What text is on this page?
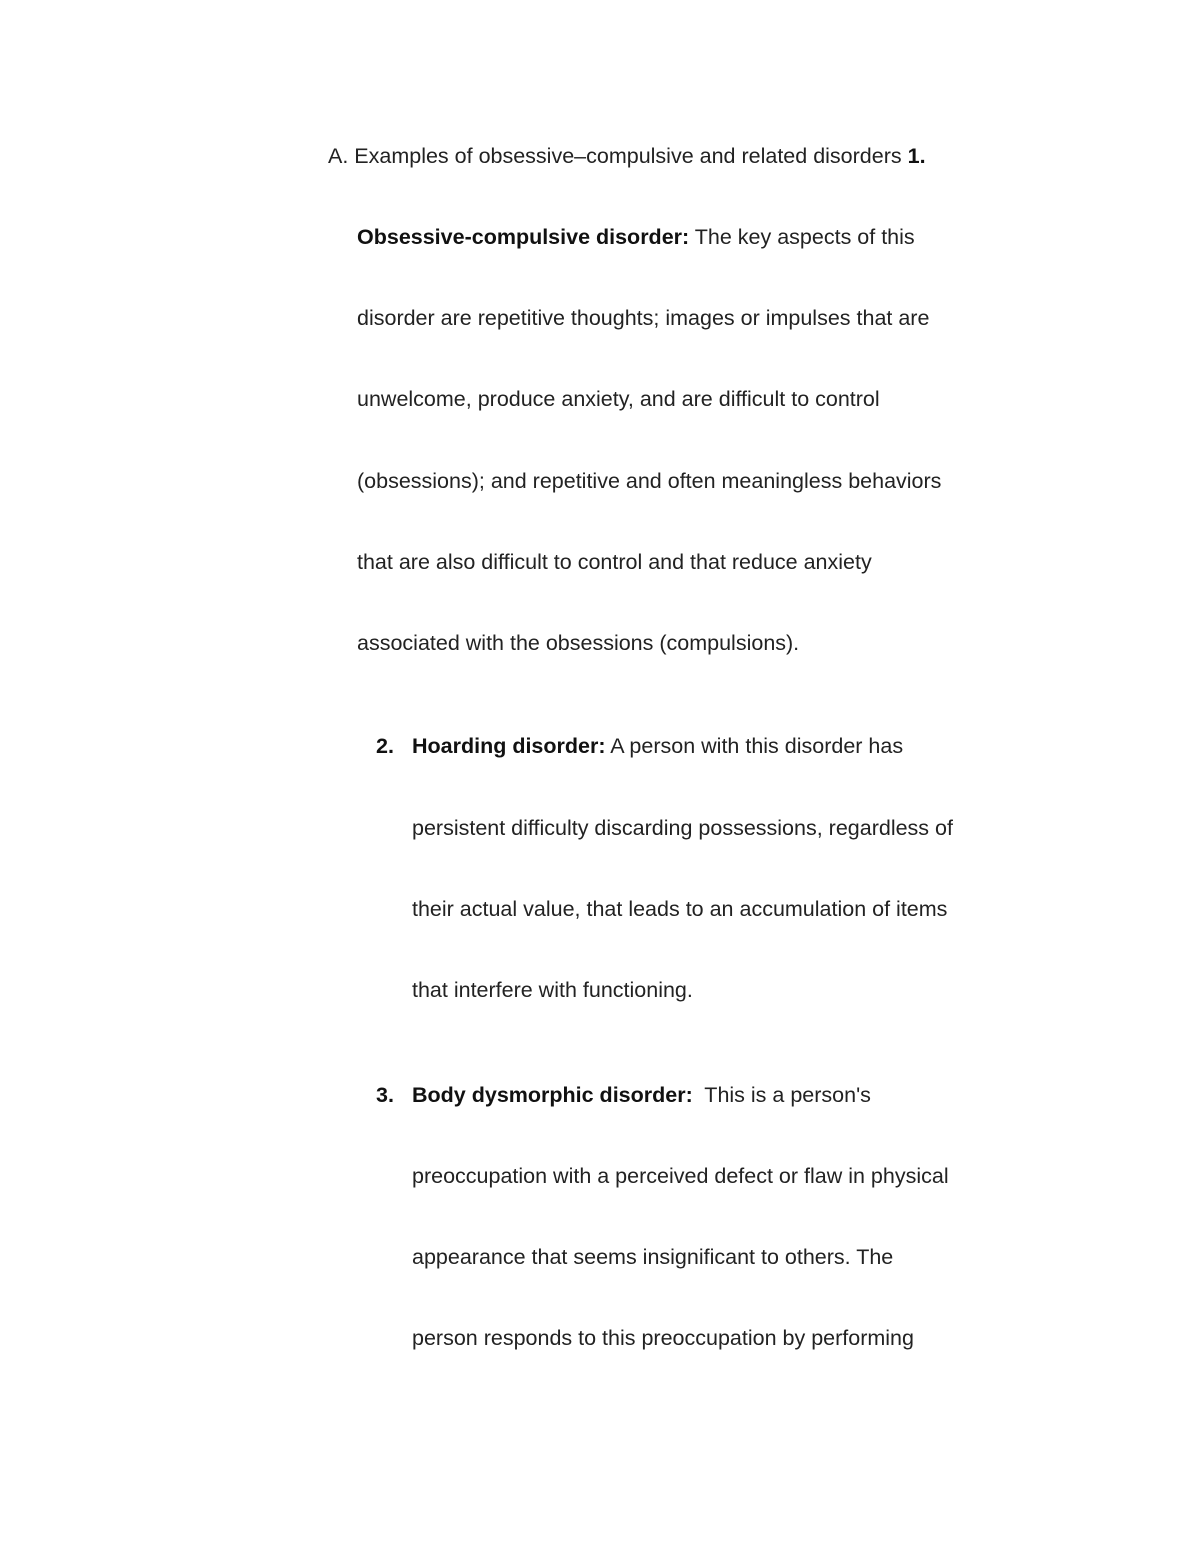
A. Examples of obsessive–compulsive and related disorders 1.
Obsessive-compulsive disorder: The key aspects of this
disorder are repetitive thoughts; images or impulses that are
unwelcome, produce anxiety, and are difficult to control
(obsessions); and repetitive and often meaningless behaviors
that are also difficult to control and that reduce anxiety
associated with the obsessions (compulsions).
2. Hoarding disorder: A person with this disorder has
persistent difficulty discarding possessions, regardless of
their actual value, that leads to an accumulation of items
that interfere with functioning.
3. Body dysmorphic disorder:  This is a person's
preoccupation with a perceived defect or flaw in physical
appearance that seems insignificant to others. The
person responds to this preoccupation by performing
